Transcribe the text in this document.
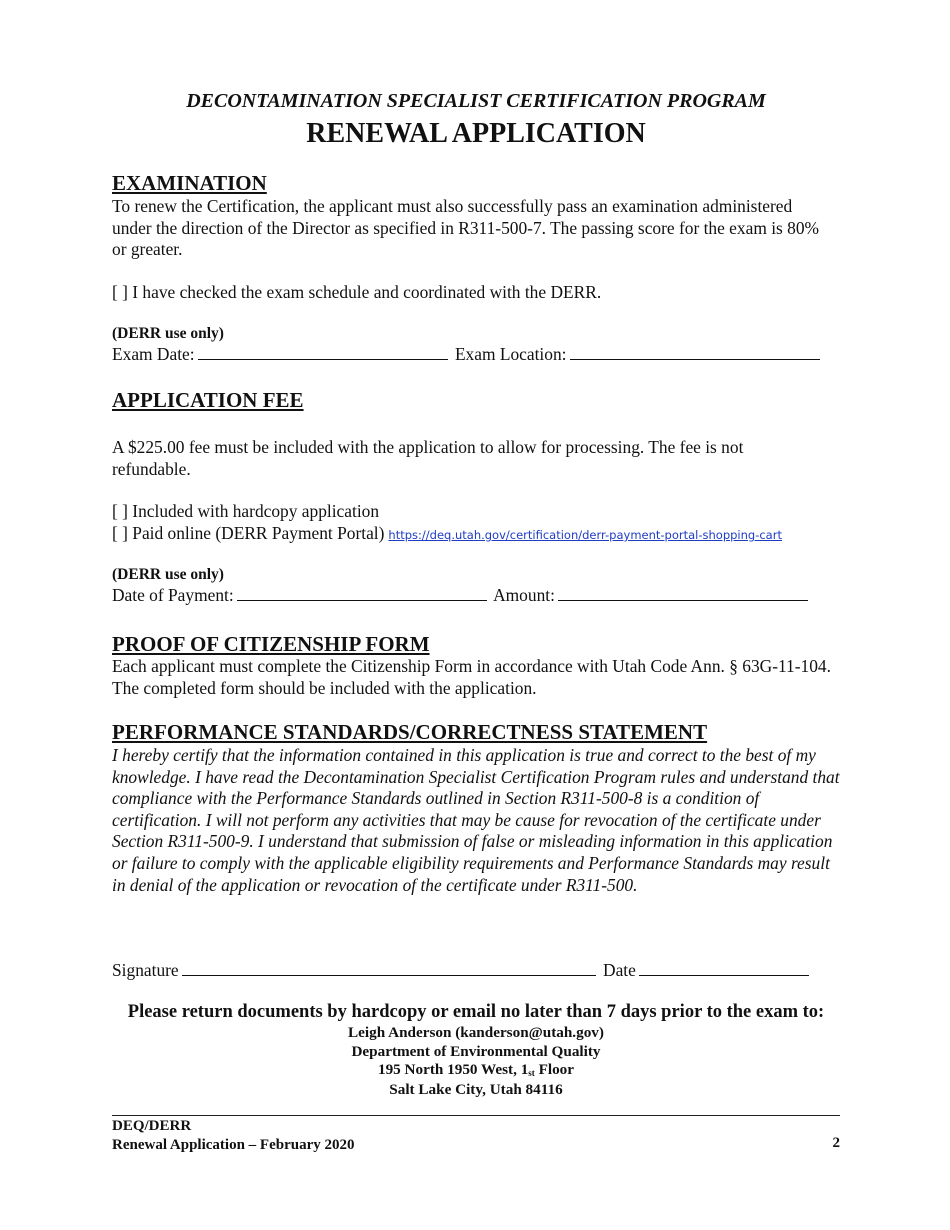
DECONTAMINATION SPECIALIST CERTIFICATION PROGRAM
RENEWAL APPLICATION
EXAMINATION
To renew the Certification, the applicant must also successfully pass an examination administered under the direction of the Director as specified in R311-500-7. The passing score for the exam is 80% or greater.
[ ] I have checked the exam schedule and coordinated with the DERR.
(DERR use only)
Exam Date:	Exam Location:
APPLICATION FEE
A $225.00 fee must be included with the application to allow for processing. The fee is not refundable.
[ ] Included with hardcopy application
[ ] Paid online (DERR Payment Portal) https://deq.utah.gov/certification/derr-payment-portal-shopping-cart
(DERR use only)
Date of Payment:	Amount:
PROOF OF CITIZENSHIP FORM
Each applicant must complete the Citizenship Form in accordance with Utah Code Ann. § 63G-11-104. The completed form should be included with the application.
PERFORMANCE STANDARDS/CORRECTNESS STATEMENT
I hereby certify that the information contained in this application is true and correct to the best of my knowledge. I have read the Decontamination Specialist Certification Program rules and understand that compliance with the Performance Standards outlined in Section R311-500-8 is a condition of certification. I will not perform any activities that may be cause for revocation of the certificate under Section R311-500-9. I understand that submission of false or misleading information in this application or failure to comply with the applicable eligibility requirements and Performance Standards may result in denial of the application or revocation of the certificate under R311-500.
Signature	Date
Please return documents by hardcopy or email no later than 7 days prior to the exam to:
Leigh Anderson (kanderson@utah.gov)
Department of Environmental Quality
195 North 1950 West, 1st Floor
Salt Lake City, Utah 84116
DEQ/DERR
Renewal Application – February 2020	2
